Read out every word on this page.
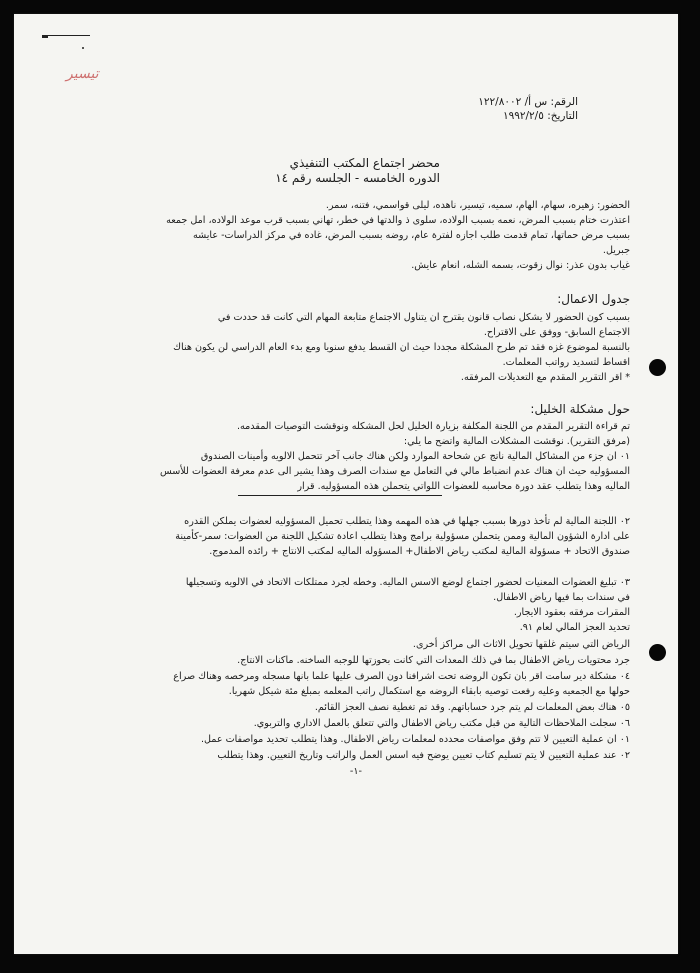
تيسير
الرقم: س أ/ ١٢٢/٨٠٠٢
التاريخ: ١٩٩٢/٢/٥
محضر اجتماع المكتب التنفيذي
الدوره الخامسه - الجلسه رقم ١٤
الحضور: زهيره، سهام، الهام، سميه، تيسير، ناهده، ليلى قواسمي، فتنه، سمر.
اعتذرت ختام بسبب المرض، نعمه بسبب الولاده، سلوى ذ والدتها في خطر، تهاني بسبب قرب موعد الولاده، امل جمعه
بسبب مرض حماتها، تمام قدمت طلب اجازه لفترة عام، روضه بسبب المرض، غاده في مركز الدراسات- عايشه
جبريل.
غياب بدون عذر: نوال زقوت، بسمه الشله، انعام عايش.
جدول الاعمال:
بسبب كون الحضور لا يشكل نصاب قانون يقترح ان يتناول الاجتماع متابعة المهام التي كانت قد حددت في
الاجتماع السابق- ووفق على الاقتراح.
بالنسبة لموضوع غزه فقد تم طرح المشكلة مجددا حيث ان القسط يدفع سنويا ومع بدء العام الدراسي لن يكون هناك
اقساط لتسديد رواتب المعلمات.
* اقر التقرير المقدم مع التعديلات المرفقه.
حول مشكلة الخليل:
تم قراءة التقرير المقدم من اللجنة المكلفة بزيارة الخليل لحل المشكله ونوقشت التوصيات المقدمه.
(مرفق التقرير). نوقشت المشكلات المالية واتضح ما يلي:
٠١ ان جزء من المشاكل المالية ناتج عن شحاحة الموارد ولكن هناك جانب آخر تتحمل الالويه وأمينات الصندوق
المسؤوليه حيث ان هناك عدم انضباط مالي في التعامل مع سندات الصرف وهذا يشير الى عدم معرفة العضوات للأسس
الماليه وهذا يتطلب عقد دورة محاسبه للعضوات اللواتي يتحملن هذه المسؤوليه. قرار
٠٢ اللجنة المالية لم تأخذ دورها بسبب جهلها في هذه المهمه وهذا يتطلب تحميل المسؤوليه لعضوات يملكن القدره
على ادارة الشؤون المالية وممن يتحملن مسؤولية برامج وهذا يتطلب اعادة تشكيل اللجنة من العضوات: سمر-كأمينة
صندوق الاتحاد + مسؤولة المالية لمكتب رياض الاطفال+ المسؤوله الماليه لمكتب الانتاج + رائده المدموج.
٠٣ تبليغ العضوات المعنيات لحضور اجتماع لوضع الاسس الماليه. وخطه لجرد ممتلكات الاتحاد في الالويه وتسجيلها
في سندات بما فيها رياض الاطفال.
المقرات مرفقه بعقود الايجار.
تحديد العجز المالي لعام ٩١.
الرياض التي سيتم غلقها تحويل الاثاث الى مراكز أخرى.
جرد محتويات رياض الاطفال بما في ذلك المعدات التي كانت بحوزتها للوجبه الساخنه. ماكنات الانتاج.
٠٤ مشكلة دير سامت اقر بان تكون الروضه تحت اشرافنا دون الصرف عليها علما بانها مسجله ومرخصه وهناك صراع
حولها مع الجمعيه وعليه رفعت توصيه بابقاء الروضه مع استكمال راتب المعلمه بمبلغ مئة شيكل شهريا.
٠٥ هناك بعض المعلمات لم يتم جرد حساباتهم. وقد تم تغطية نصف العجز القائم.
٠٦ سجلت الملاحظات التالية من قبل مكتب رياض الاطفال والتي تتعلق بالعمل الاداري والتربوي.
٠١ ان عملية التعيين لا تتم وفق مواصفات محدده لمعلمات رياض الاطفال. وهذا يتطلب تحديد مواصفات عمل.
٠٢ عند عملية التعيين لا يتم تسليم كتاب تعيين يوضح فيه اسس العمل والراتب وتاريخ التعيين. وهذا يتطلب
-١-
